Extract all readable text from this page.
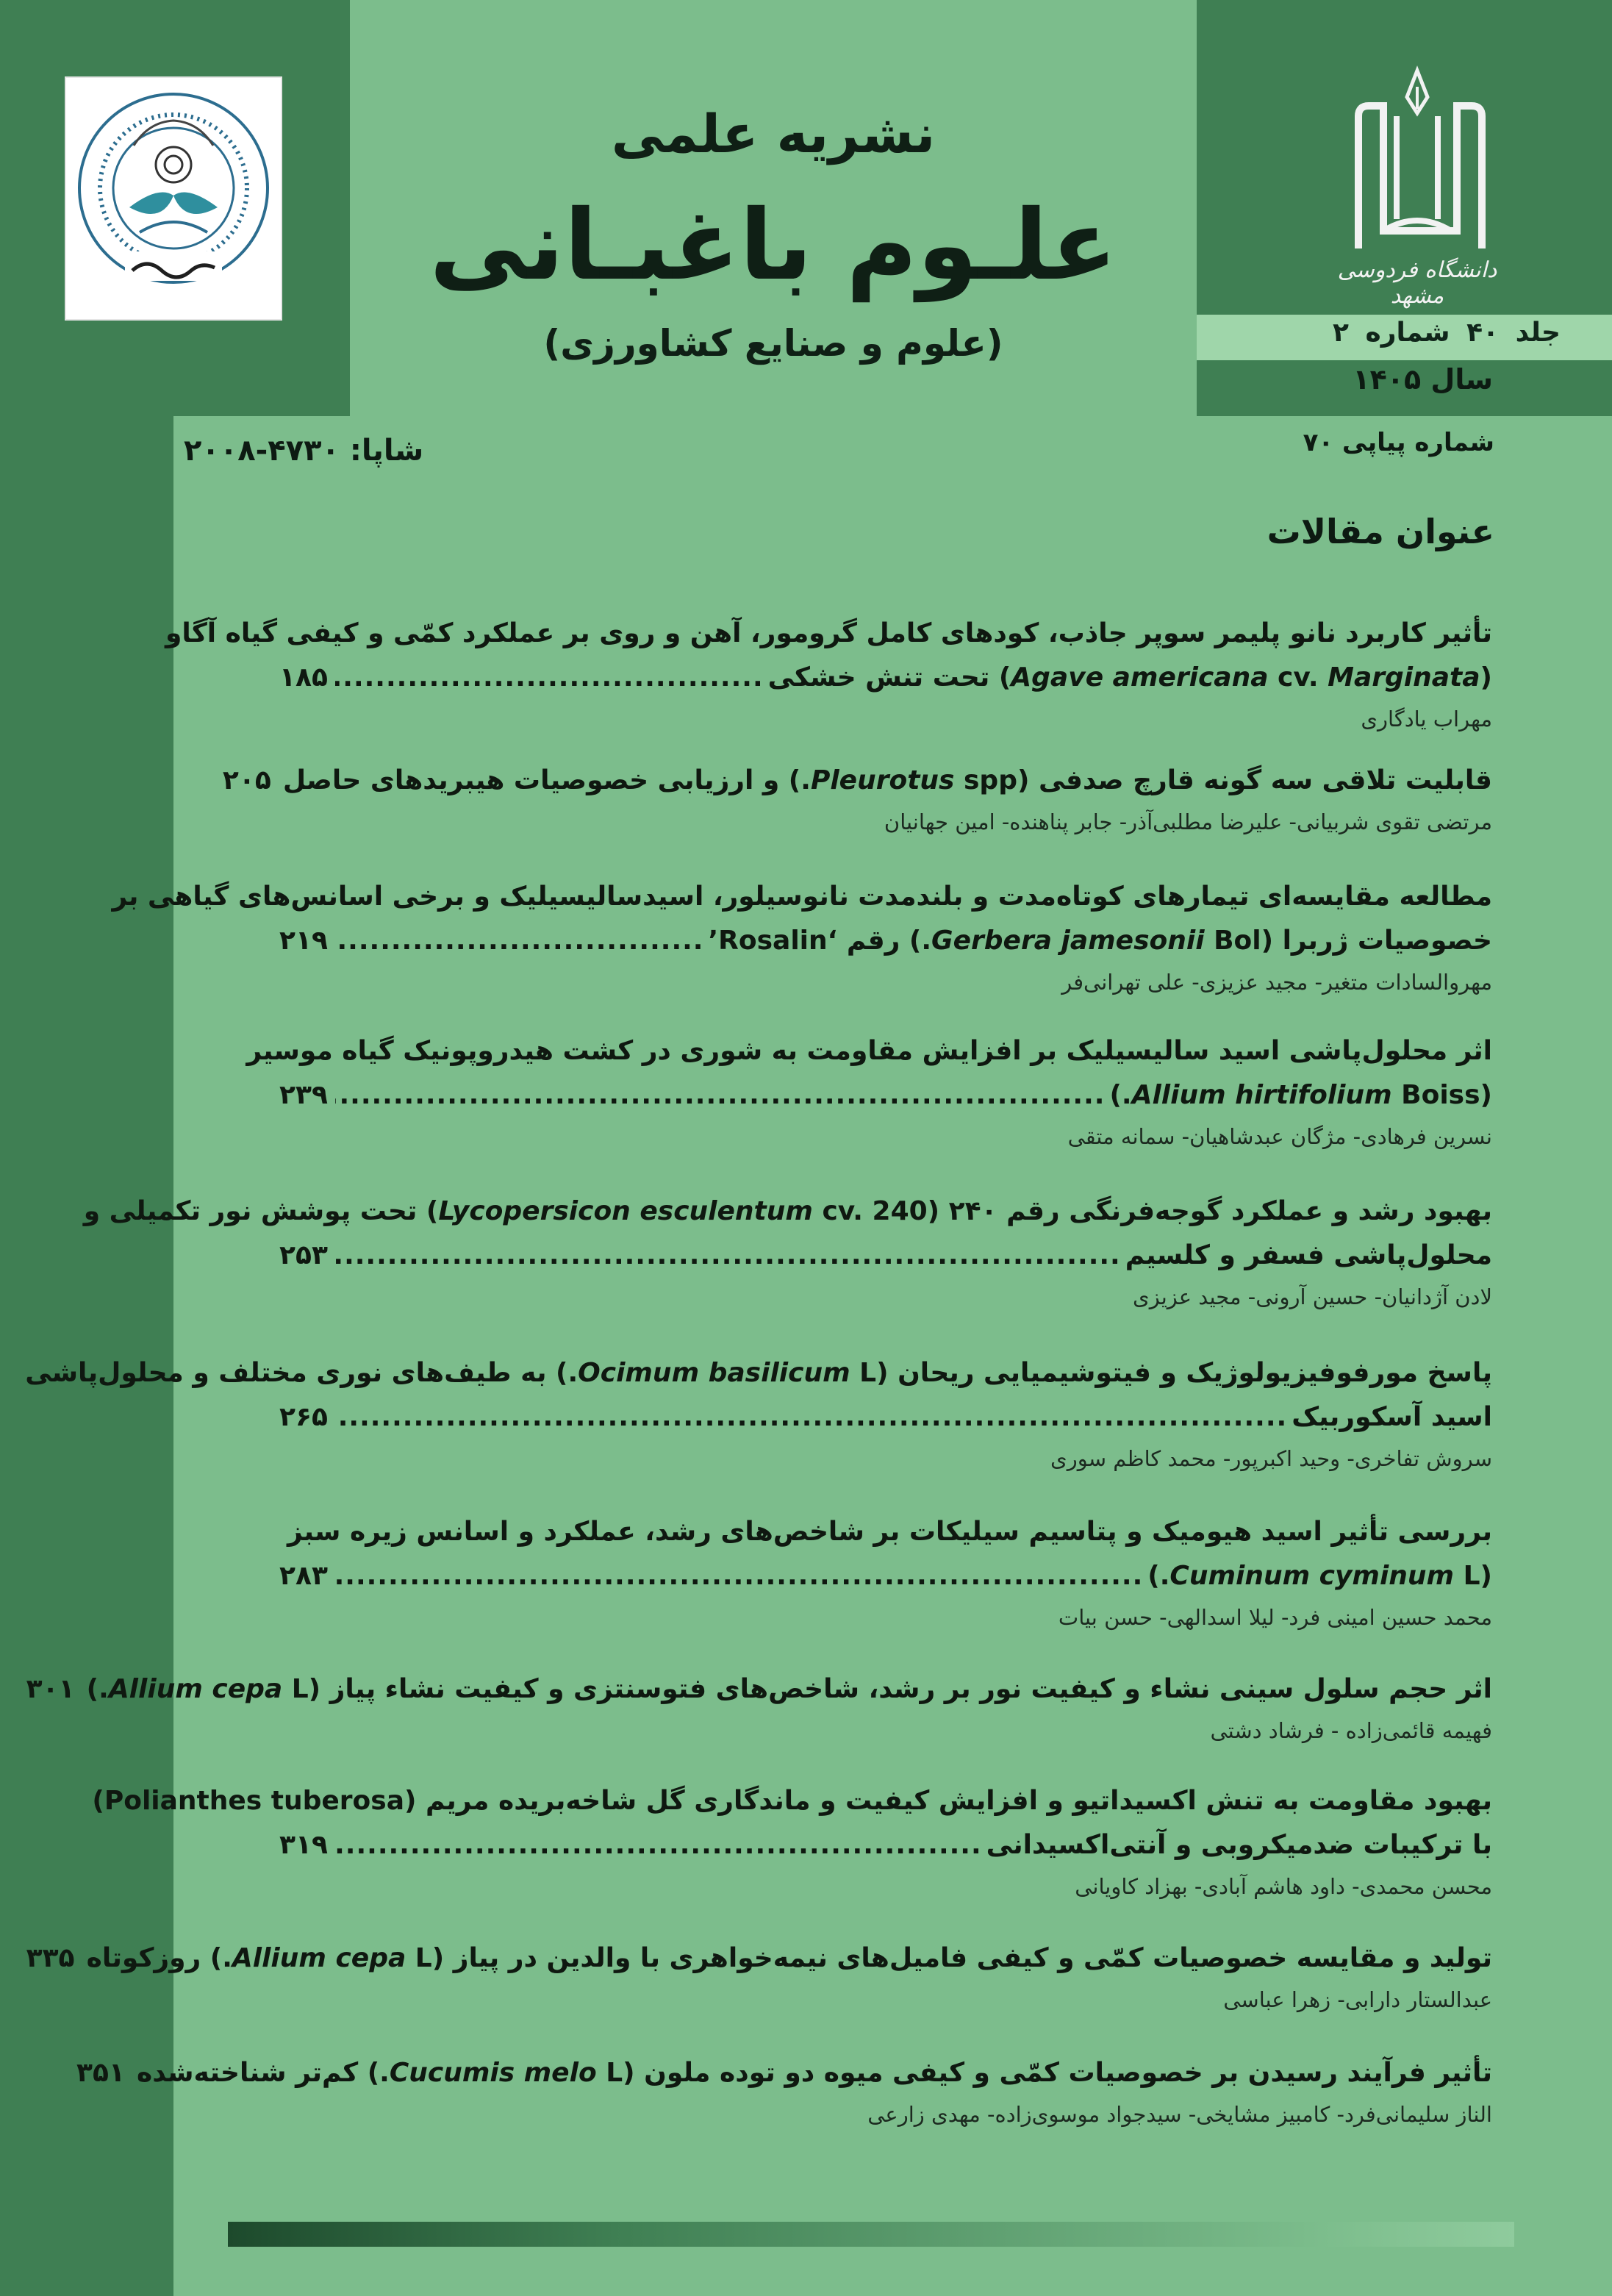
نشریه علمی
علـوم باغبـانی
(علوم و صنایع کشاورزی)
دانشگاه فردوسی مشهد
جلد ۴۰ شماره ۲
سال ۱۴۰۵
شماره پیاپی ۷۰
شاپا: ۴۷۳۰-۲۰۰۸
عنوان مقالات
تأثیر کاربرد نانو پلیمر سوپر جاذب، کودهای کامل گرومور، آهن و روی بر عملکرد کمّی و کیفی گیاه آگاو
(Agave americana cv. Marginata) تحت تنش خشکی
.....
۱۸۵
مهراب یادگاری
قابلیت تلاقی سه گونه قارچ صدفی (Pleurotus spp.) و ارزیابی خصوصیات هیبریدهای حاصل
۲۰۵
مرتضی تقوی شربیانی- علیرضا مطلبی‌آذر- جابر پناهنده- امین جهانیان
مطالعه مقایسه‌ای تیمارهای کوتاه‌مدت و بلندمدت نانوسیلور، اسیدسالیسیلیک و برخی اسانس‌های گیاهی بر
خصوصیات ژربرا (Gerbera jamesonii Bol.) رقم ‘Rosalin’
.....
۲۱۹
مهروالسادات متغیر- مجید عزیزی- علی تهرانی‌فر
اثر محلول‌پاشی اسید سالیسیلیک بر افزایش مقاومت به شوری در کشت هیدروپونیک گیاه موسیر
(Allium hirtifolium Boiss.)
.....
۲۳۹
نسرین فرهادی- مژگان عبدشاهیان- سمانه متقی
بهبود رشد و عملکرد گوجه‌فرنگی رقم ۲۴۰ (Lycopersicon esculentum cv. 240) تحت پوشش نور تکمیلی و
محلول‌پاشی فسفر و کلسیم
.....
۲۵۳
لادن آژدانیان- حسین آرونی- مجید عزیزی
پاسخ مورفوفیزیولوژیک و فیتوشیمیایی ریحان (Ocimum basilicum L.) به طیف‌های نوری مختلف و محلول‌پاشی
اسید آسکوربیک
.....
۲۶۵
سروش تفاخری- وحید اکبرپور- محمد کاظم سوری
بررسی تأثیر اسید هیومیک و پتاسیم سیلیکات بر شاخص‌های رشد، عملکرد و اسانس زیره سبز
(Cuminum cyminum L.)
.....
۲۸۳
محمد حسین امینی فرد- لیلا اسدالهی- حسن بیات
اثر حجم سلول سینی نشاء و کیفیت نور بر رشد، شاخص‌های فتوسنتزی و کیفیت نشاء پیاز (Allium cepa L.)
۳۰۱
فهیمه قائمی‌زاده - فرشاد دشتی
بهبود مقاومت به تنش اکسیداتیو و افزایش کیفیت و ماندگاری گل شاخه‌بریده مریم (Polianthes tuberosa)
با ترکیبات ضدمیکروبی و آنتی‌اکسیدانی
.....
۳۱۹
محسن محمدی- داود هاشم آبادی- بهزاد کاویانی
تولید و مقایسه خصوصیات کمّی و کیفی فامیل‌های نیمه‌خواهری با والدین در پیاز (Allium cepa L.) روزکوتاه
۳۳۵
عبدالستار دارابی- زهرا عباسی
تأثیر فرآیند رسیدن بر خصوصیات کمّی و کیفی میوه دو توده ملون (Cucumis melo L.) کم‌تر شناخته‌شده
۳۵۱
الناز سلیمانی‌فرد- کامبیز مشایخی- سیدجواد موسوی‌زاده- مهدی زارعی
